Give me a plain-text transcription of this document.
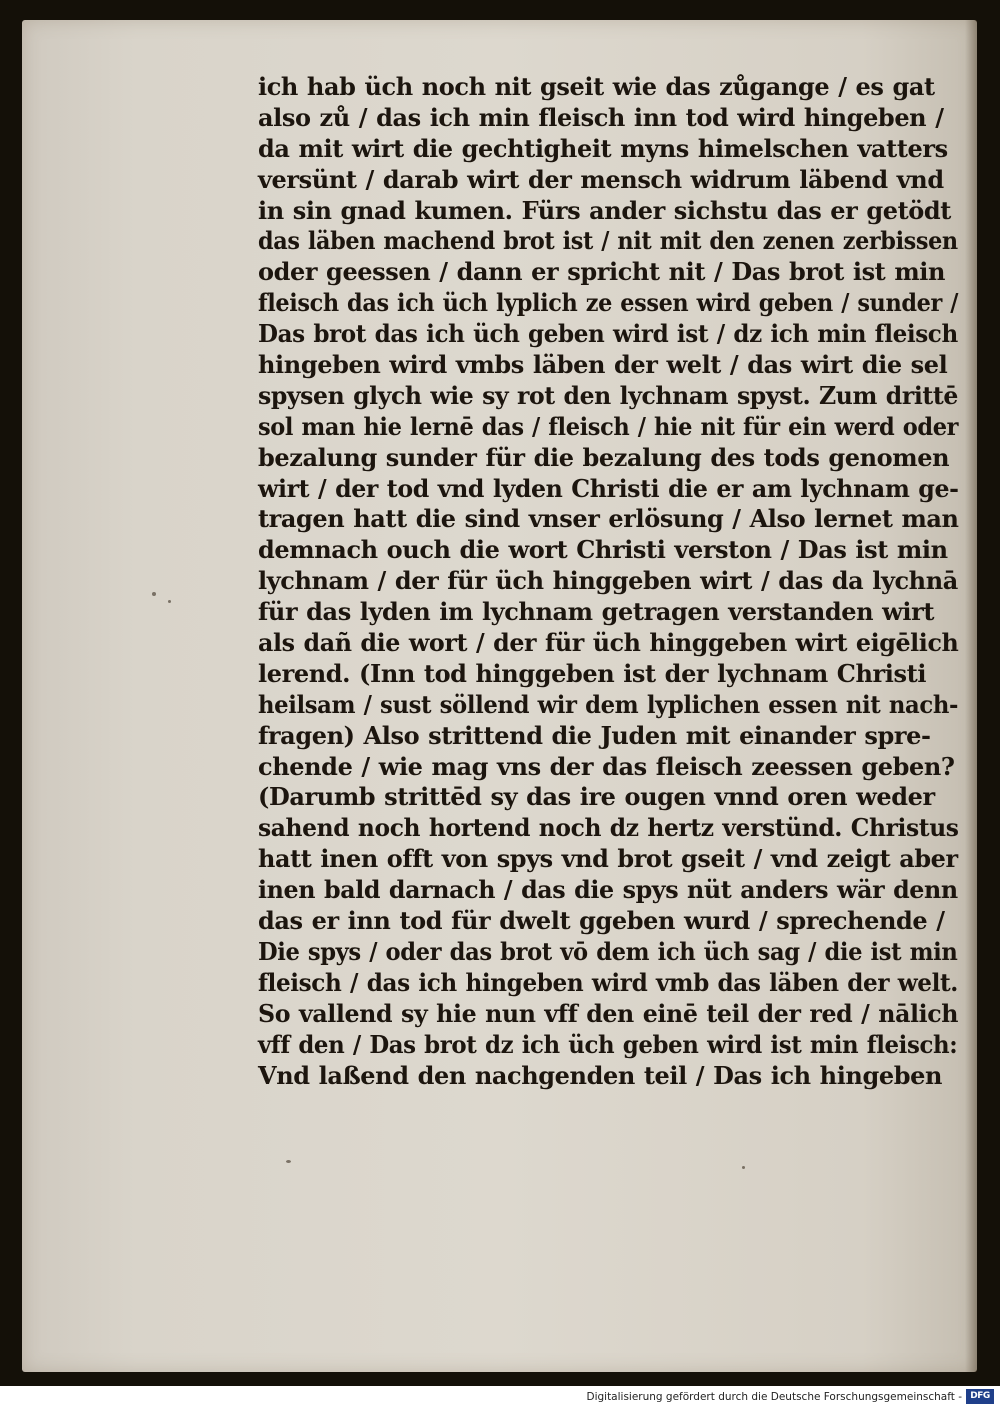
ich hab üch noch nit gseit wie das zůgange / es gat
also zů / das ich min fleisch inn tod wird hingeben /
da mit wirt die gechtigheit myns himelschen vatters
versünt / darab wirt der mensch widrum läbend vnd
in sin gnad kumen. Fürs ander sichstu das er getödt
das läben machend brot ist / nit mit den zenen zerbissen
oder geessen / dann er spricht nit / Das brot ist min
fleisch das ich üch lyplich ze essen wird geben / sunder /
Das brot das ich üch geben wird ist / dz ich min fleisch
hingeben wird vmbs läben der welt / das wirt die sel
spysen glych wie sy rot den lychnam spyst. Zum drittē
sol man hie lernē das / fleisch / hie nit für ein werd oder
bezalung sunder für die bezalung des tods genomen
wirt / der tod vnd lyden Christi die er am lychnam ge-
tragen hatt die sind vnser erlösung / Also lernet man
demnach ouch die wort Christi verston / Das ist min
lychnam / der für üch hinggeben wirt / das da lychnā
für das lyden im lychnam getragen verstanden wirt
als dañ die wort / der für üch hinggeben wirt eigēlich
lerend. (Inn tod hinggeben ist der lychnam Christi
heilsam / sust söllend wir dem lyplichen essen nit nach-
fragen) Also strittend die Juden mit einander spre-
chende / wie mag vns der das fleisch zeessen geben?
(Darumb strittēd sy das ire ougen vnnd oren weder
sahend noch hortend noch dz hertz verstünd. Christus
hatt inen offt von spys vnd brot gseit / vnd zeigt aber
inen bald darnach / das die spys nüt anders wär denn
das er inn tod für dwelt ggeben wurd / sprechende /
Die spys / oder das brot vō dem ich üch sag / die ist min
fleisch / das ich hingeben wird vmb das läben der welt.
So vallend sy hie nun vff den einē teil der red / nālich
vff den / Das brot dz ich üch geben wird ist min fleisch:
Vnd laßend den nachgenden teil / Das ich hingeben
Digitalisierung gefördert durch die Deutsche Forschungsgemeinschaft - DFG
